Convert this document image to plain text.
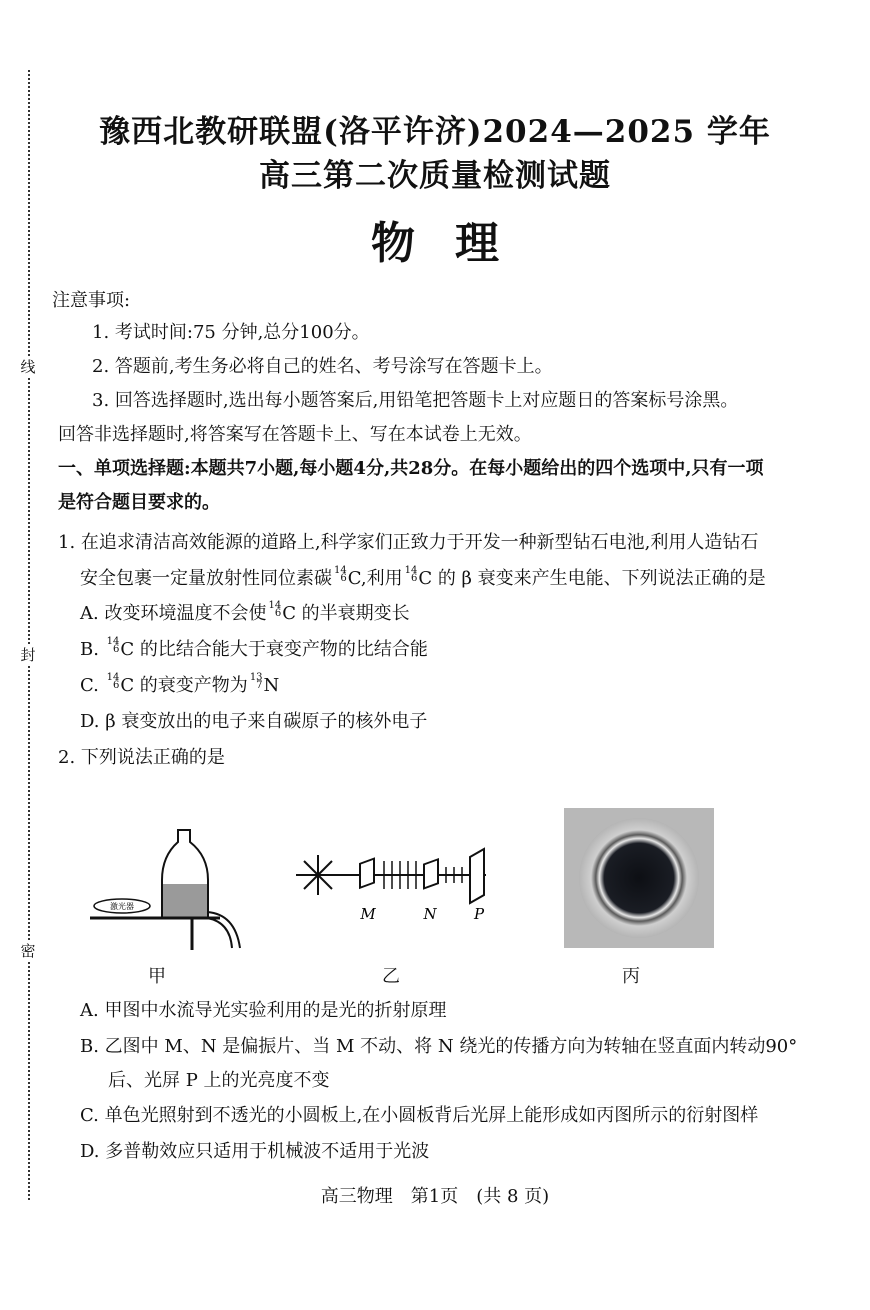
线
封
密
豫西北教研联盟(洛平许济)2024—2025 学年
高三第二次质量检测试题
物理
注意事项:
1. 考试时间:75 分钟,总分100分。
2. 答题前,考生务必将自己的姓名、考号涂写在答题卡上。
3. 回答选择题时,选出每小题答案后,用铅笔把答题卡上对应题日的答案标号涂黑。
回答非选择题时,将答案写在答题卡上、写在本试卷上无效。
一、单项选择题:本题共7小题,每小题4分,共28分。在每小题给出的四个选项中,只有一项
是符合题目要求的。
1. 在追求清洁高效能源的道路上,科学家们正致力于开发一种新型钻石电池,利用人造钻石
安全包裹一定量放射性同位素碳 14
6 C,利用 14
6 C 的 β 衰变来产生电能、下列说法正确的是
A. 改变环境温度不会使 14
6 C 的半衰期变长
B. 14
6 C 的比结合能大于衰变产物的比结合能
C. 14
6 C 的衰变产物为 13
7 N
D. β 衰变放出的电子来自碳原子的核外电子
2. 下列说法正确的是
激光器	M	N P
甲	乙	丙
A. 甲图中水流导光实验利用的是光的折射原理
B. 乙图中 M、N 是偏振片、当 M 不动、将 N 绕光的传播方向为转轴在竖直面内转动90°
后、光屏 P 上的光亮度不变
C. 单色光照射到不透光的小圆板上,在小圆板背后光屏上能形成如丙图所示的衍射图样
D. 多普勒效应只适用于机械波不适用于光波
高三物理　第1页　(共 8 页)
